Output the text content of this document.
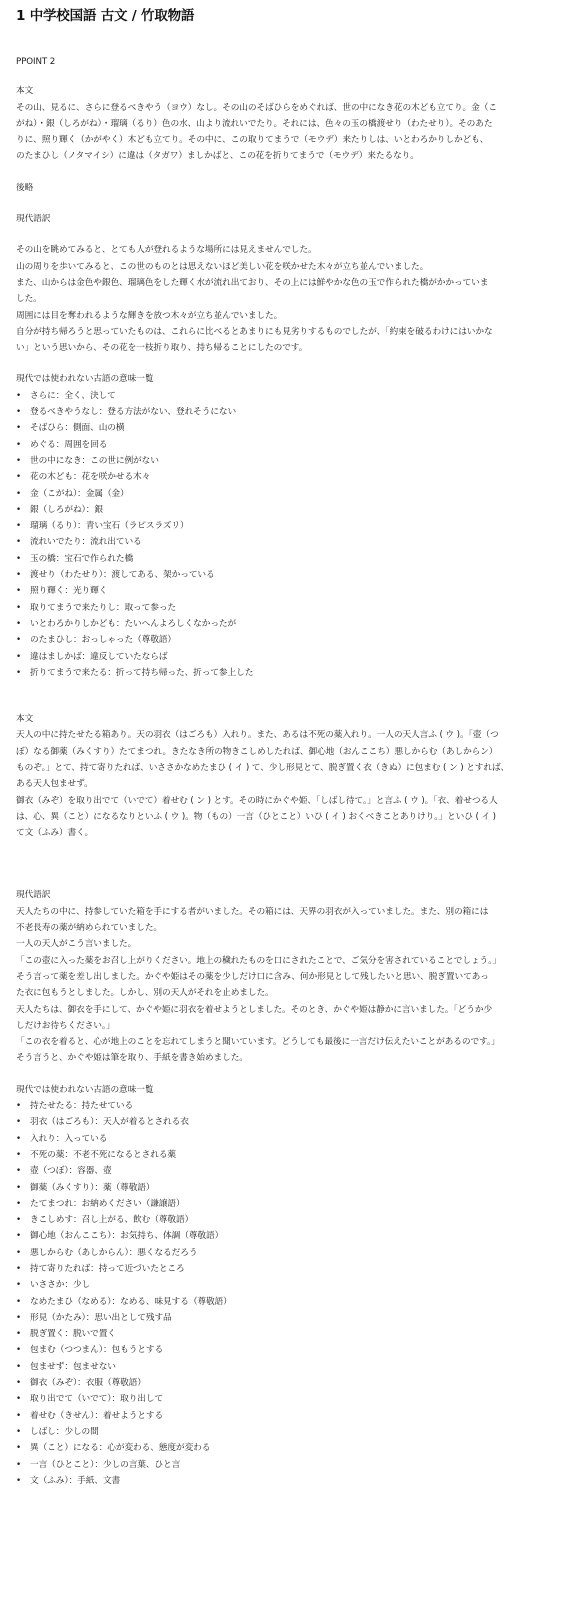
1 中学校国語 古文 / 竹取物語

PPOINT 2

本文

その山、見るに、さらに登るべきやう（ヨウ）なし。その山のそばひらをめぐれば、世の中になき花の木ども立てり。金（こ

がね）・銀（しろがね）・瑠璃（るり）色の水、山より流れいでたり。それには、色々の玉の橋渡せり（わたせり）。そのあた

りに、照り輝く（かがやく）木ども立てり。その中に、この取りてまうで（モウデ）来たりしは、いとわろかりしかども、

のたまひし（ノタマイシ）に違は（タガワ）ましかばと、この花を折りてまうで（モウデ）来たるなり。

後略

現代語訳

その山を眺めてみると、とても人が登れるような場所には見えませんでした。

山の周りを歩いてみると、この世のものとは思えないほど美しい花を咲かせた木々が立ち並んでいました。

また、山からは金色や銀色、瑠璃色をした輝く水が流れ出ており、その上には鮮やかな色の玉で作られた橋がかかっていま

した。

周囲には目を奪われるような輝きを放つ木々が立ち並んでいました。

自分が持ち帰ろうと思っていたものは、これらに比べるとあまりにも見劣りするものでしたが、「約束を破るわけにはいかな

い」という思いから、その花を一枝折り取り、持ち帰ることにしたのです。

現代では使われない古語の意味一覧

• さらに：全く、決して
• 登るべきやうなし：登る方法がない、登れそうにない
• そばひら：側面、山の横
• めぐる：周囲を回る
• 世の中になき：この世に例がない
• 花の木ども：花を咲かせる木々
• 金（こがね）：金属（金）
• 銀（しろがね）：銀
• 瑠璃（るり）：青い宝石（ラピスラズリ）
• 流れいでたり：流れ出ている
• 玉の橋：宝石で作られた橋
• 渡せり（わたせり）：渡してある、架かっている
• 照り輝く：光り輝く
• 取りてまうで来たりし：取って参った
• いとわろかりしかども：たいへんよろしくなかったが
• のたまひし：おっしゃった（尊敬語）
• 違はましかば：違反していたならば
• 折りてまうで来たる：折って持ち帰った、折って参上した

本文

天人の中に持たせたる箱あり。天の羽衣（はごろも）入れり。また、あるは不死の薬入れり。一人の天人言ふ ( ウ )。「壺（つ

ぼ）なる御薬（みくすり）たてまつれ。きたなき所の物きこしめしたれば、御心地（おんここち）悪しからむ（あしからン）

ものぞ。」とて、持て寄りたれば、いささかなめたまひ ( イ ) て、少し形見とて、脱ぎ置く衣（きぬ）に包まむ ( ン ) とすれば、

ある天人包ませず。

御衣（みぞ）を取り出でて（いでて）着せむ ( ン ) とす。その時にかぐや姫、「しばし待て。」と言ふ ( ウ )。「衣、着せつる人

は、心、異（こと）になるなりといふ ( ウ )。物（もの）一言（ひとこと）いひ ( イ ) おくべきことありけり。」といひ ( イ )

て文（ふみ）書く。

現代語訳

天人たちの中に、持参していた箱を手にする者がいました。その箱には、天界の羽衣が入っていました。また、別の箱には

不老長寿の薬が納められていました。

一人の天人がこう言いました。

「この壺に入った薬をお召し上がりください。地上の穢れたものを口にされたことで、ご気分を害されていることでしょう。」

そう言って薬を差し出しました。かぐや姫はその薬を少しだけ口に含み、何か形見として残したいと思い、脱ぎ置いてあっ

た衣に包もうとしました。しかし、別の天人がそれを止めました。

天人たちは、御衣を手にして、かぐや姫に羽衣を着せようとしました。そのとき、かぐや姫は静かに言いました。「どうか少

しだけお待ちください。」

「この衣を着ると、心が地上のことを忘れてしまうと聞いています。どうしても最後に一言だけ伝えたいことがあるのです。」

そう言うと、かぐや姫は筆を取り、手紙を書き始めました。

現代では使われない古語の意味一覧

• 持たせたる：持たせている
• 羽衣（はごろも）：天人が着るとされる衣
• 入れり：入っている
• 不死の薬：不老不死になるとされる薬
• 壺（つぼ）：容器、壺
• 御薬（みくすり）：薬（尊敬語）
• たてまつれ：お納めください（謙譲語）
• きこしめす：召し上がる、飲む（尊敬語）
• 御心地（おんここち）：お気持ち、体調（尊敬語）
• 悪しからむ（あしからん）：悪くなるだろう
• 持て寄りたれば：持って近づいたところ
• いささか：少し
• なめたまひ（なめる）：なめる、味見する（尊敬語）
• 形見（かたみ）：思い出として残す品
• 脱ぎ置く：脱いで置く
• 包まむ（つつまん）：包もうとする
• 包ませず：包ませない
• 御衣（みぞ）：衣服（尊敬語）
• 取り出でて（いでて）：取り出して
• 着せむ（きせん）：着せようとする
• しばし：少しの間
• 異（こと）になる：心が変わる、態度が変わる
• 一言（ひとこと）：少しの言葉、ひと言
• 文（ふみ）：手紙、文書
